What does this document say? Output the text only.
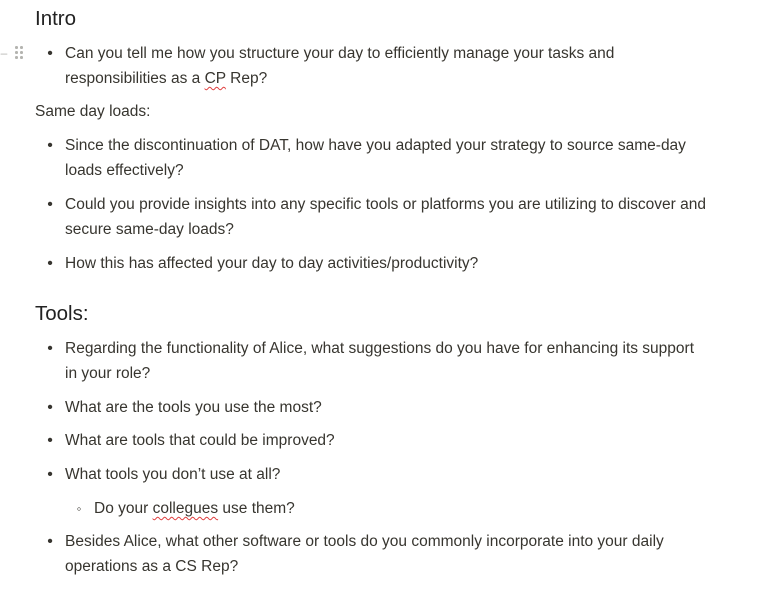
–
Intro
• Can you tell me how you structure your day to efficiently manage your tasks and responsibilities as a CP Rep?

Same day loads:

• Since the discontinuation of DAT, how have you adapted your strategy to source same-day loads effectively?
• Could you provide insights into any specific tools or platforms you are utilizing to discover and secure same-day loads?
• How this has affected your day to day activities/productivity?
Tools:
• Regarding the functionality of Alice, what suggestions do you have for enhancing its support in your role?
• What are the tools you use the most?
• What are tools that could be improved?
• What tools you don’t use at all?
◦ Do your collegues use them?
• Besides Alice, what other software or tools do you commonly incorporate into your daily operations as a CS Rep?
